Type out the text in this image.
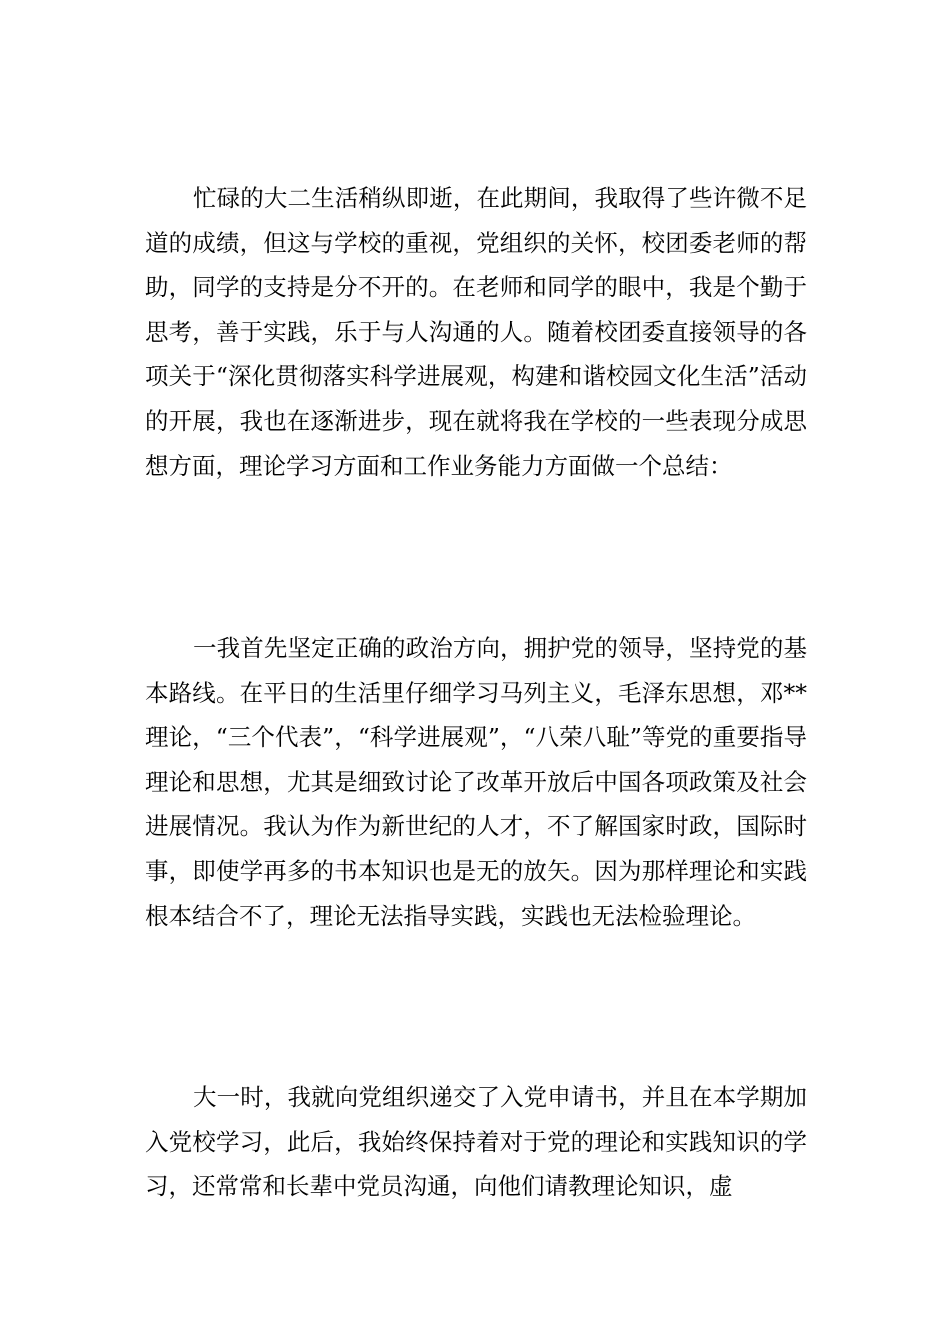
忙碌的大二生活稍纵即逝，在此期间，我取得了些许微不足道的成绩，但这与学校的重视，党组织的关怀，校团委老师的帮助，同学的支持是分不开的。在老师和同学的眼中，我是个勤于思考，善于实践，乐于与人沟通的人。随着校团委直接领导的各项关于“深化贯彻落实科学进展观，构建和谐校园文化生活”活动的开展，我也在逐渐进步，现在就将我在学校的一些表现分成思想方面，理论学习方面和工作业务能力方面做一个总结：

一我首先坚定正确的政治方向，拥护党的领导，坚持党的基本路线。在平日的生活里仔细学习马列主义，毛泽东思想，邓**理论，“三个代表”，“科学进展观”，“八荣八耻”等党的重要指导理论和思想，尤其是细致讨论了改革开放后中国各项政策及社会进展情况。我认为作为新世纪的人才，不了解国家时政，国际时事，即使学再多的书本知识也是无的放矢。因为那样理论和实践根本结合不了，理论无法指导实践，实践也无法检验理论。

大一时，我就向党组织递交了入党申请书，并且在本学期加入党校学习，此后，我始终保持着对于党的理论和实践知识的学习，还常常和长辈中党员沟通，向他们请教理论知识，虚
